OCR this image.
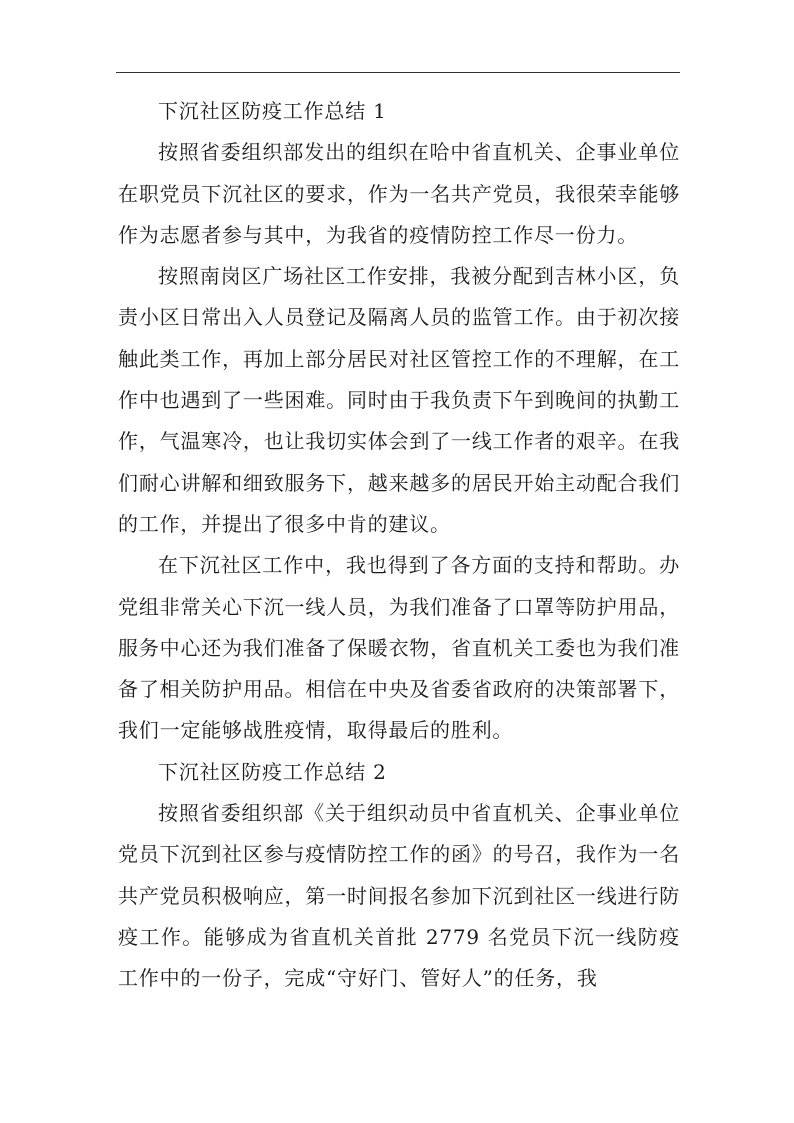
下沉社区防疫工作总结 1

按照省委组织部发出的组织在哈中省直机关、企事业单位在职党员下沉社区的要求，作为一名共产党员，我很荣幸能够作为志愿者参与其中，为我省的疫情防控工作尽一份力。

按照南岗区广场社区工作安排，我被分配到吉林小区，负责小区日常出入人员登记及隔离人员的监管工作。由于初次接触此类工作，再加上部分居民对社区管控工作的不理解，在工作中也遇到了一些困难。同时由于我负责下午到晚间的执勤工作，气温寒冷，也让我切实体会到了一线工作者的艰辛。在我们耐心讲解和细致服务下，越来越多的居民开始主动配合我们的工作，并提出了很多中肯的建议。

在下沉社区工作中，我也得到了各方面的支持和帮助。办党组非常关心下沉一线人员，为我们准备了口罩等防护用品，服务中心还为我们准备了保暖衣物，省直机关工委也为我们准备了相关防护用品。相信在中央及省委省政府的决策部署下，我们一定能够战胜疫情，取得最后的胜利。

下沉社区防疫工作总结 2

按照省委组织部《关于组织动员中省直机关、企事业单位党员下沉到社区参与疫情防控工作的函》的号召，我作为一名共产党员积极响应，第一时间报名参加下沉到社区一线进行防疫工作。能够成为省直机关首批 2779 名党员下沉一线防疫工作中的一份子，完成“守好门、管好人”的任务，我
